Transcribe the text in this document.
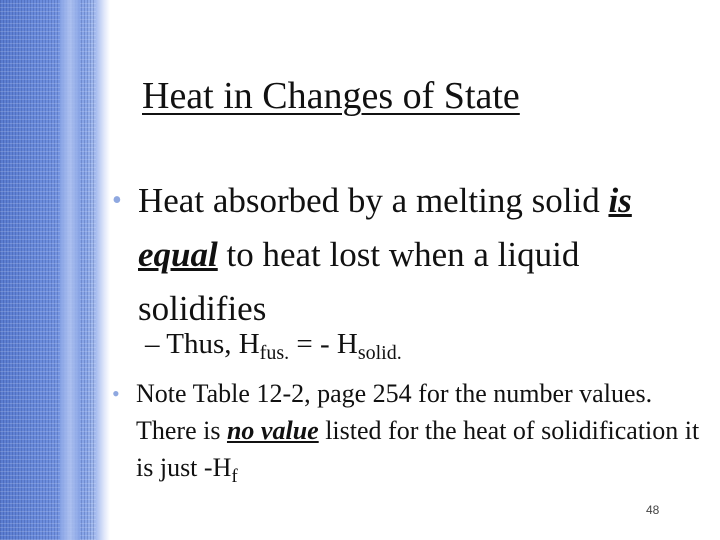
Heat in Changes of State

• Heat absorbed by a melting solid is equal to heat lost when a liquid solidifies

– Thus, $H_{fus.}$ = - $H_{solid.}$

• Note Table 12-2, page 254 for the number values. There is no value listed for the heat of solidification it is just $-H_f$

48
